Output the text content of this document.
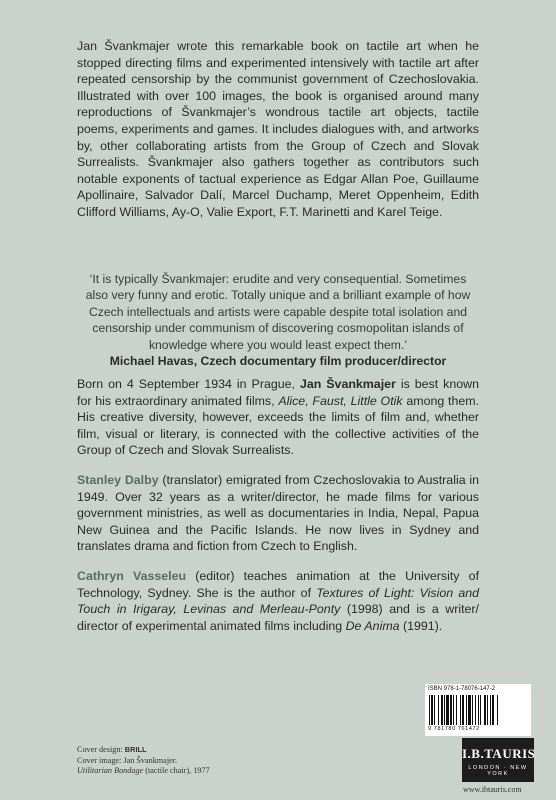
Jan Švankmajer wrote this remarkable book on tactile art when he stopped directing films and experimented intensively with tactile art after repeated censorship by the communist government of Czechoslovakia. Illustrated with over 100 images, the book is organised around many reproductions of Švankmajer’s wondrous tactile art objects, tactile poems, experiments and games. It includes dialogues with, and artworks by, other collaborating artists from the Group of Czech and Slovak Surrealists. Švankmajer also gathers together as contributors such notable exponents of tactual experience as Edgar Allan Poe, Guillaume Apollinaire, Salvador Dalí, Marcel Duchamp, Meret Oppenheim, Edith Clifford Williams, Ay-O, Valie Export, F.T. Marinetti and Karel Teige.
‘It is typically Švankmajer: erudite and very consequential. Sometimes also very funny and erotic. Totally unique and a brilliant example of how Czech intellectuals and artists were capable despite total isolation and censorship under communism of discovering cosmopolitan islands of knowledge where you would least expect them.’
Michael Havas, Czech documentary film producer/director
Born on 4 September 1934 in Prague, Jan Švankmajer is best known for his extraordinary animated films, Alice, Faust, Little Otik among them. His creative diversity, however, exceeds the limits of film and, whether film, visual or literary, is connected with the collective activities of the Group of Czech and Slovak Surrealists.
Stanley Dalby (translator) emigrated from Czechoslovakia to Australia in 1949. Over 32 years as a writer/director, he made films for various government ministries, as well as documentaries in India, Nepal, Papua New Guinea and the Pacific Islands. He now lives in Sydney and translates drama and fiction from Czech to English.
Cathryn Vasseleu (editor) teaches animation at the University of Technology, Sydney. She is the author of Textures of Light: Vision and Touch in Irigaray, Levinas and Merleau-Ponty (1998) and is a writer/ director of experimental animated films including De Anima (1991).
ISBN 978-1-78076-147-2
9 781780 761472
Cover design: BRILL
Cover image: Jan Švankmajer.
Utilitarian Bondage (tactile chair), 1977
I.B.TAURIS
LONDON · NEW YORK
www.ibtauris.com
